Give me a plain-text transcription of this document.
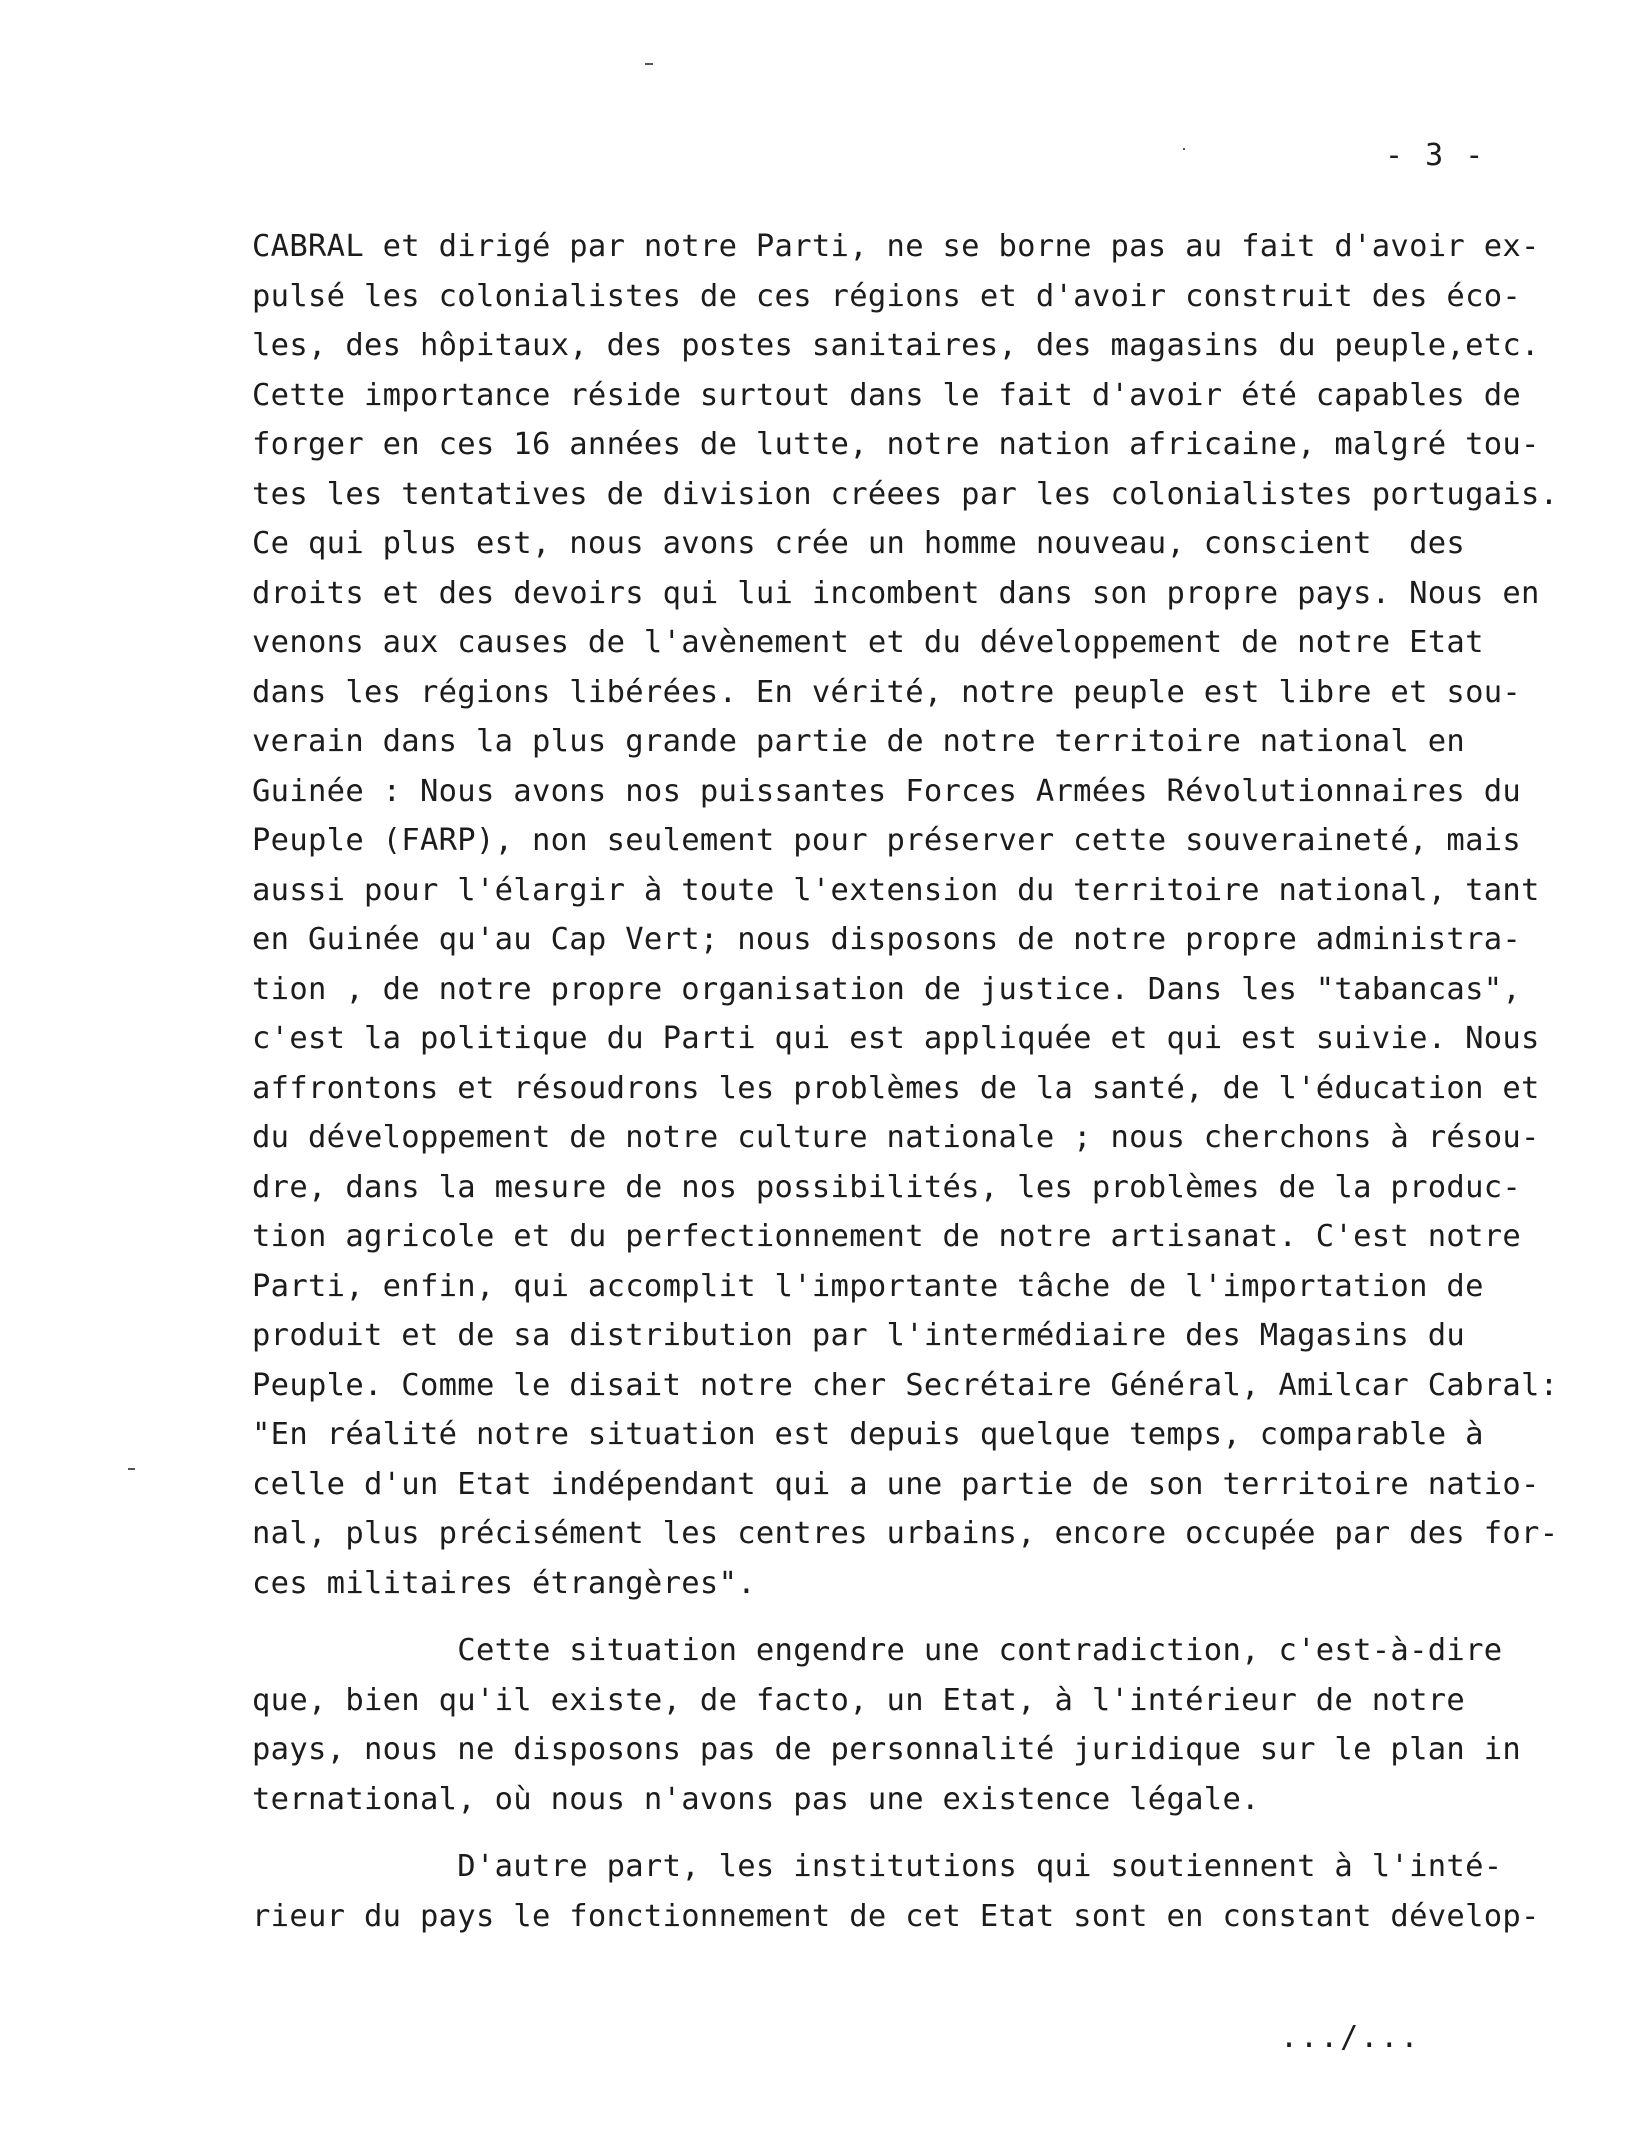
- 3 -
CABRAL et dirigé par notre Parti, ne se borne pas au fait d'avoir ex-
pulsé les colonialistes de ces régions et d'avoir construit des éco-
les, des hôpitaux, des postes sanitaires, des magasins du peuple,etc.
Cette importance réside surtout dans le fait d'avoir été capables de
forger en ces 16 années de lutte, notre nation africaine, malgré tou-
tes les tentatives de division créees par les colonialistes portugais.
Ce qui plus est, nous avons crée un homme nouveau, conscient  des
droits et des devoirs qui lui incombent dans son propre pays. Nous en
venons aux causes de l'avènement et du développement de notre Etat
dans les régions libérées. En vérité, notre peuple est libre et sou-
verain dans la plus grande partie de notre territoire national en
Guinée : Nous avons nos puissantes Forces Armées Révolutionnaires du
Peuple (FARP), non seulement pour préserver cette souveraineté, mais
aussi pour l'élargir à toute l'extension du territoire national, tant
en Guinée qu'au Cap Vert; nous disposons de notre propre administra-
tion , de notre propre organisation de justice. Dans les "tabancas",
c'est la politique du Parti qui est appliquée et qui est suivie. Nous
affrontons et résoudrons les problèmes de la santé, de l'éducation et
du développement de notre culture nationale ; nous cherchons à résou-
dre, dans la mesure de nos possibilités, les problèmes de la produc-
tion agricole et du perfectionnement de notre artisanat. C'est notre
Parti, enfin, qui accomplit l'importante tâche de l'importation de
produit et de sa distribution par l'intermédiaire des Magasins du
Peuple. Comme le disait notre cher Secrétaire Général, Amilcar Cabral:
"En réalité notre situation est depuis quelque temps, comparable à
celle d'un Etat indépendant qui a une partie de son territoire natio-
nal, plus précisément les centres urbains, encore occupée par des for-
ces militaires étrangères".
Cette situation engendre une contradiction, c'est-à-dire
que, bien qu'il existe, de facto, un Etat, à l'intérieur de notre
pays, nous ne disposons pas de personnalité juridique sur le plan in
ternational, où nous n'avons pas une existence légale.
D'autre part, les institutions qui soutiennent à l'inté-
rieur du pays le fonctionnement de cet Etat sont en constant dévelop-
.../...
